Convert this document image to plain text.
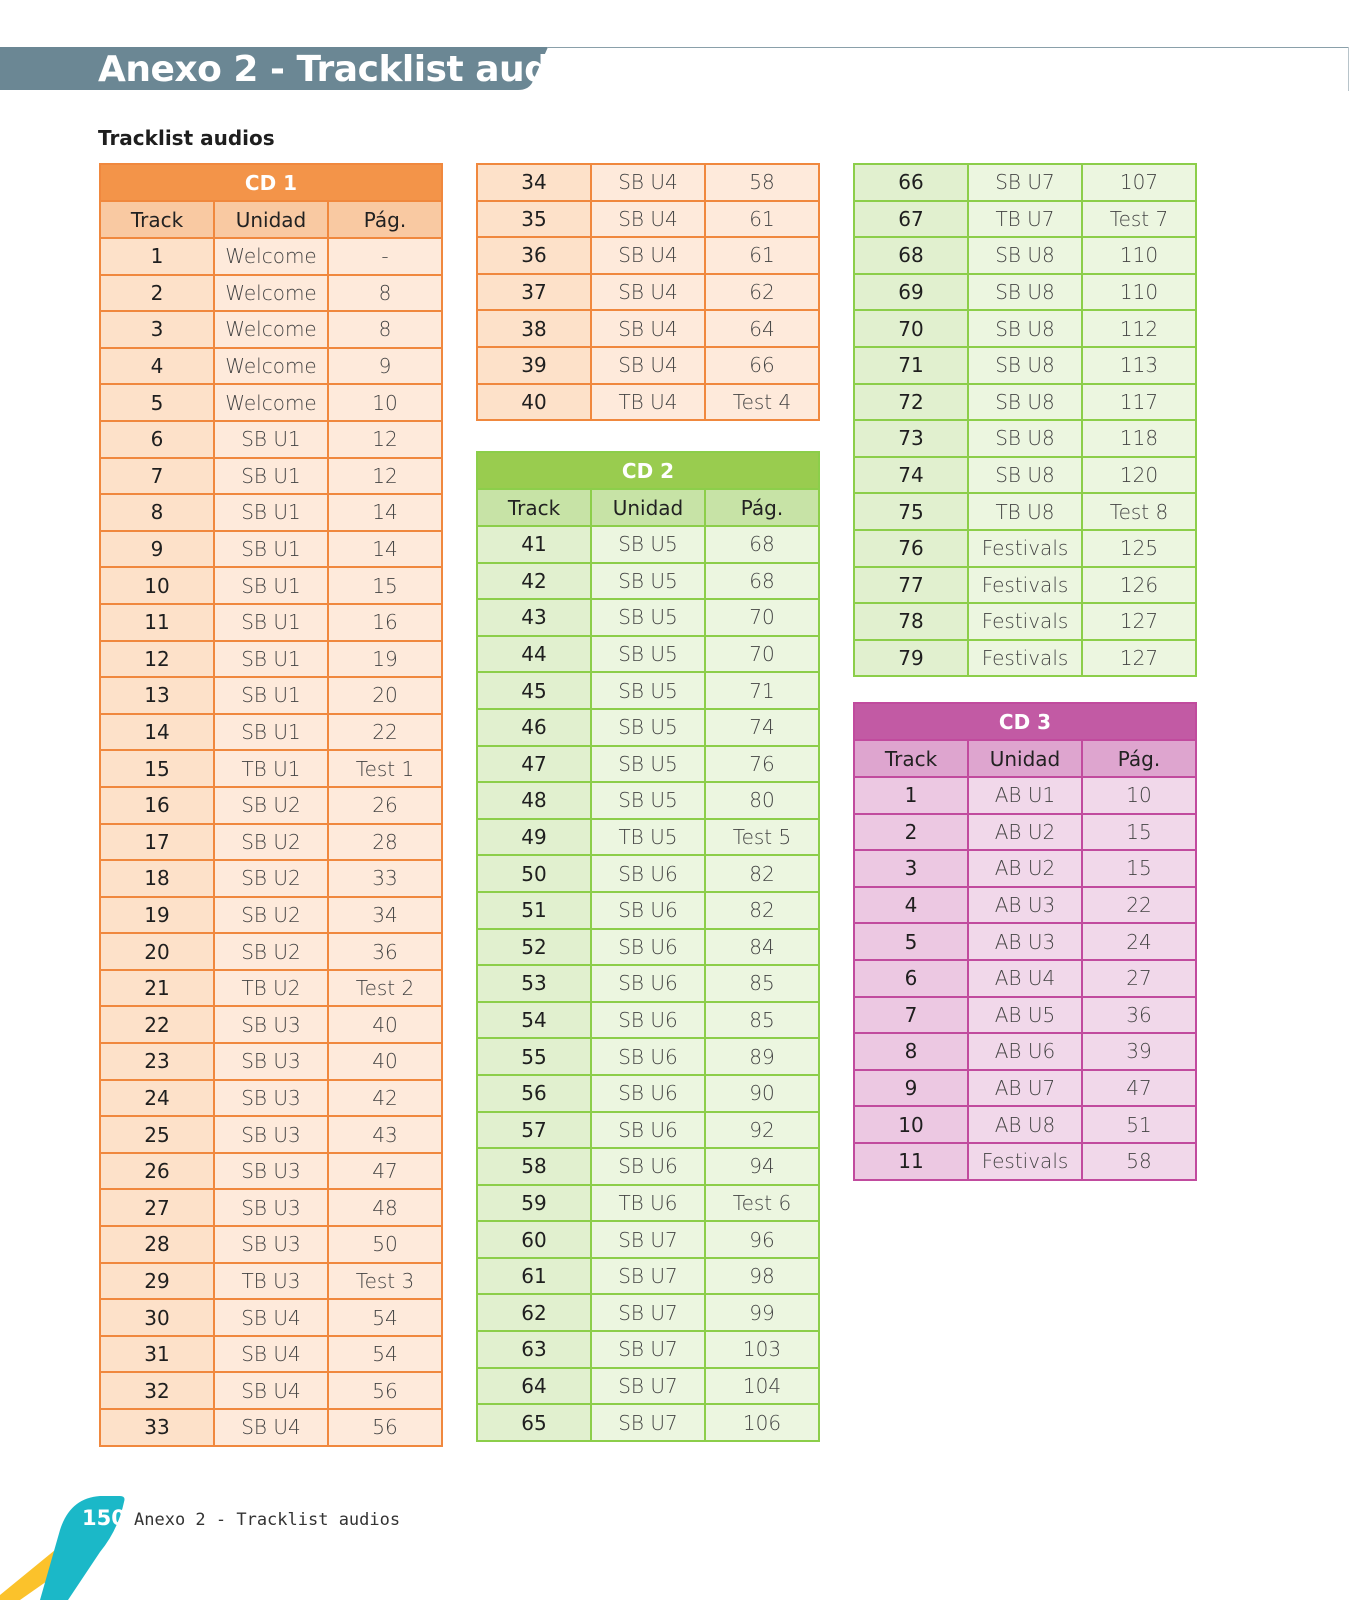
Anexo 2 - Tracklist audios
Tracklist audios
CD 1		
Track	Unidad	Pág.
1	Welcome	-
2	Welcome	8
3	Welcome	8
4	Welcome	9
5	Welcome	10
6	SB U1	12
7	SB U1	12
8	SB U1	14
9	SB U1	14
10	SB U1	15
11	SB U1	16
12	SB U1	19
13	SB U1	20
14	SB U1	22
15	TB U1	Test 1
16	SB U2	26
17	SB U2	28
18	SB U2	33
19	SB U2	34
20	SB U2	36
21	TB U2	Test 2
22	SB U3	40
23	SB U3	40
24	SB U3	42
25	SB U3	43
26	SB U3	47
27	SB U3	48
28	SB U3	50
29	TB U3	Test 3
30	SB U4	54
31	SB U4	54
32	SB U4	56
33	SB U4	56
34	SB U4	58
35	SB U4	61
36	SB U4	61
37	SB U4	62
38	SB U4	64
39	SB U4	66
40	TB U4	Test 4
CD 2		
Track	Unidad	Pág.
41	SB U5	68
42	SB U5	68
43	SB U5	70
44	SB U5	70
45	SB U5	71
46	SB U5	74
47	SB U5	76
48	SB U5	80
49	TB U5	Test 5
50	SB U6	82
51	SB U6	82
52	SB U6	84
53	SB U6	85
54	SB U6	85
55	SB U6	89
56	SB U6	90
57	SB U6	92
58	SB U6	94
59	TB U6	Test 6
60	SB U7	96
61	SB U7	98
62	SB U7	99
63	SB U7	103
64	SB U7	104
65	SB U7	106
66	SB U7	107
67	TB U7	Test 7
68	SB U8	110
69	SB U8	110
70	SB U8	112
71	SB U8	113
72	SB U8	117
73	SB U8	118
74	SB U8	120
75	TB U8	Test 8
76	Festivals	125
77	Festivals	126
78	Festivals	127
79	Festivals	127
CD 3		
Track	Unidad	Pág.
1	AB U1	10
2	AB U2	15
3	AB U2	15
4	AB U3	22
5	AB U3	24
6	AB U4	27
7	AB U5	36
8	AB U6	39
9	AB U7	47
10	AB U8	51
11	Festivals	58
150 Anexo 2 - Tracklist audios
